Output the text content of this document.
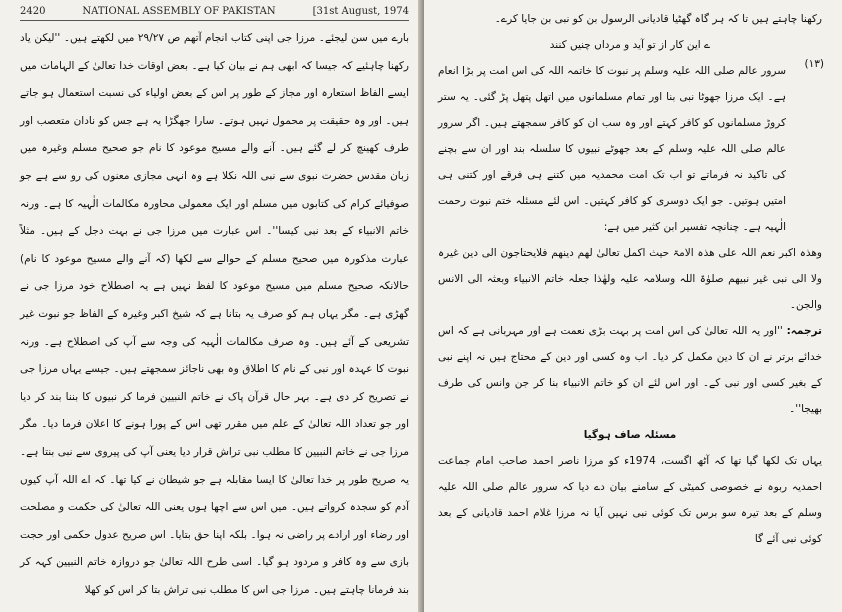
2420	NATIONAL ASSEMBLY OF PAKISTAN	[31st August, 1974

بارے میں سن لیجئے۔ مرزا جی اپنی کتاب انجام آتھم ص ۲۹/۲۷ میں لکھتے ہیں۔ ''لیکن یاد رکھنا چاہئیے کہ جیسا کہ ابھی ہم نے بیان کیا ہے۔ بعض اوقات خدا تعالیٰ کے الہامات میں ایسے الفاظ استعارہ اور مجاز کے طور پر اس کے بعض اولیاء کی نسبت استعمال ہو جاتے ہیں۔ اور وہ حقیقت پر محمول نہیں ہوتے۔ سارا جھگڑا یہ ہے جس کو نادان متعصب اور طرف کھینچ کر لے گئے ہیں۔ آنے والے مسیح موعود کا نام جو صحیح مسلم وغیرہ میں زبان مقدس حضرت نبوی سے نبی اللہ نکلا ہے وہ انہی مجازی معنوں کی رو سے ہے جو صوفیائے کرام کی کتابوں میں مسلم اور ایک معمولی محاورہ مکالمات الٰہیہ کا ہے۔ ورنہ خاتم الانبیاء کے بعد نبی کیسا''۔ اس عبارت میں مرزا جی نے بہت دجل کے ہیں۔ مثلاً عبارت مذکورہ میں صحیح مسلم کے حوالے سے لکھا (کہ آنے والے مسیح موعود کا نام) حالانکہ صحیح مسلم میں مسیح موعود کا لفظ نہیں ہے یہ اصطلاح خود مرزا جی نے گھڑی ہے۔ مگر یہاں ہم کو صرف یہ بتانا ہے کہ شیخ اکبر وغیرہ کے الفاظ جو نبوت غیر تشریعی کے آئے ہیں۔ وہ صرف مکالمات الٰہیہ کی وجہ سے آپ کی اصطلاح ہے۔ ورنہ نبوت کا عہدہ اور نبی کے نام کا اطلاق وہ بھی ناجائز سمجھتے ہیں۔ جیسے یہاں مرزا جی نے تصریح کر دی ہے۔ بہر حال قرآن پاک نے خاتم النبیین فرما کر نبیوں کا بننا بند کر دیا اور جو تعداد اللہ تعالیٰ کے علم میں مقرر تھی اس کے پورا ہونے کا اعلان فرما دیا۔ مگر مرزا جی نے خاتم النبیین کا مطلب نبی تراش قرار دیا یعنی آپ کی پیروی سے نبی بنتا ہے۔ یہ صریح طور پر خدا تعالیٰ کا ایسا مقابلہ ہے جو شیطان نے کیا تھا۔ کہ اے اللہ آپ کیوں آدم کو سجدہ کرواتے ہیں۔ میں اس سے اچھا ہوں یعنی اللہ تعالیٰ کی حکمت و مصلحت اور رضاء اور ارادے پر راضی نہ ہوا۔ بلکہ اپنا حق بتایا۔ اس صریح عدول حکمی اور حجت بازی سے وہ کافر و مردود ہو گیا۔ اسی طرح اللہ تعالیٰ جو دروازہ خاتم النبیین کہہ کر بند فرمانا چاہتے ہیں۔ مرزا جی اس کا مطلب نبی تراش بتا کر اس کو کھلا

رکھنا چاہتے ہیں تا کہ ہر گاہ گھٹیا قادیانی الرسول بن کو نبی بن جایا کرے۔

ے این کار از تو آید و مرداں چنیں کنند

(۱۳)

سرور عالم صلی اللہ علیہ وسلم پر نبوت کا خاتمہ اللہ کی اس امت پر بڑا انعام ہے۔ ایک مرزا جھوٹا نبی بنا اور تمام مسلمانوں میں اتھل پتھل پڑ گئی۔ یہ ستر کروڑ مسلمانوں کو کافر کہتے اور وہ سب ان کو کافر سمجھتے ہیں۔ اگر سرور عالم صلی اللہ علیہ وسلم کے بعد جھوٹے نبیوں کا سلسلہ بند اور ان سے بچنے کی تاکید نہ فرماتے تو اب تک امت محمدیہ میں کتنے ہی فرقے اور کتنی ہی امتیں ہوتیں۔ جو ایک دوسری کو کافر کہتیں۔ اس لئے مسئلہ ختم نبوت رحمت الٰہیہ ہے۔ چنانچہ تفسیر ابن کثیر میں ہے:

وھذہ اکبر نعم اللہ علی ھذہ الامۃ حیث اکمل تعالیٰ لھم دینھم فلایحتاجون الی دین غیرہ ولا الی نبی غیر نبیھم صلوٰۃ اللہ وسلامہ علیہ ولھٰذا جعلہ خاتم الانبیاء وبعثہ الی الانس والجن۔

ترجمہ: ''اور یہ اللہ تعالیٰ کی اس امت پر بہت بڑی نعمت ہے اور مہربانی ہے کہ اس خدائے برتر نے ان کا دین مکمل کر دیا۔ اب وہ کسی اور دین کے محتاج ہیں نہ اپنے نبی کے بغیر کسی اور نبی کے۔ اور اس لئے ان کو خاتم الانبیاء بنا کر جن وانس کی طرف بھیجا''۔

مسئلہ صاف ہوگیا

یہاں تک لکھا گیا تھا کہ آٹھ اگست، 1974ء کو مرزا ناصر احمد صاحب امام جماعت احمدیہ ربوہ نے خصوصی کمیٹی کے سامنے بیان دے دیا کہ سرور عالم صلی اللہ علیہ وسلم کے بعد تیرہ سو برس تک کوئی نبی نہیں آیا نہ مرزا غلام احمد قادیانی کے بعد کوئی نبی آئے گا
